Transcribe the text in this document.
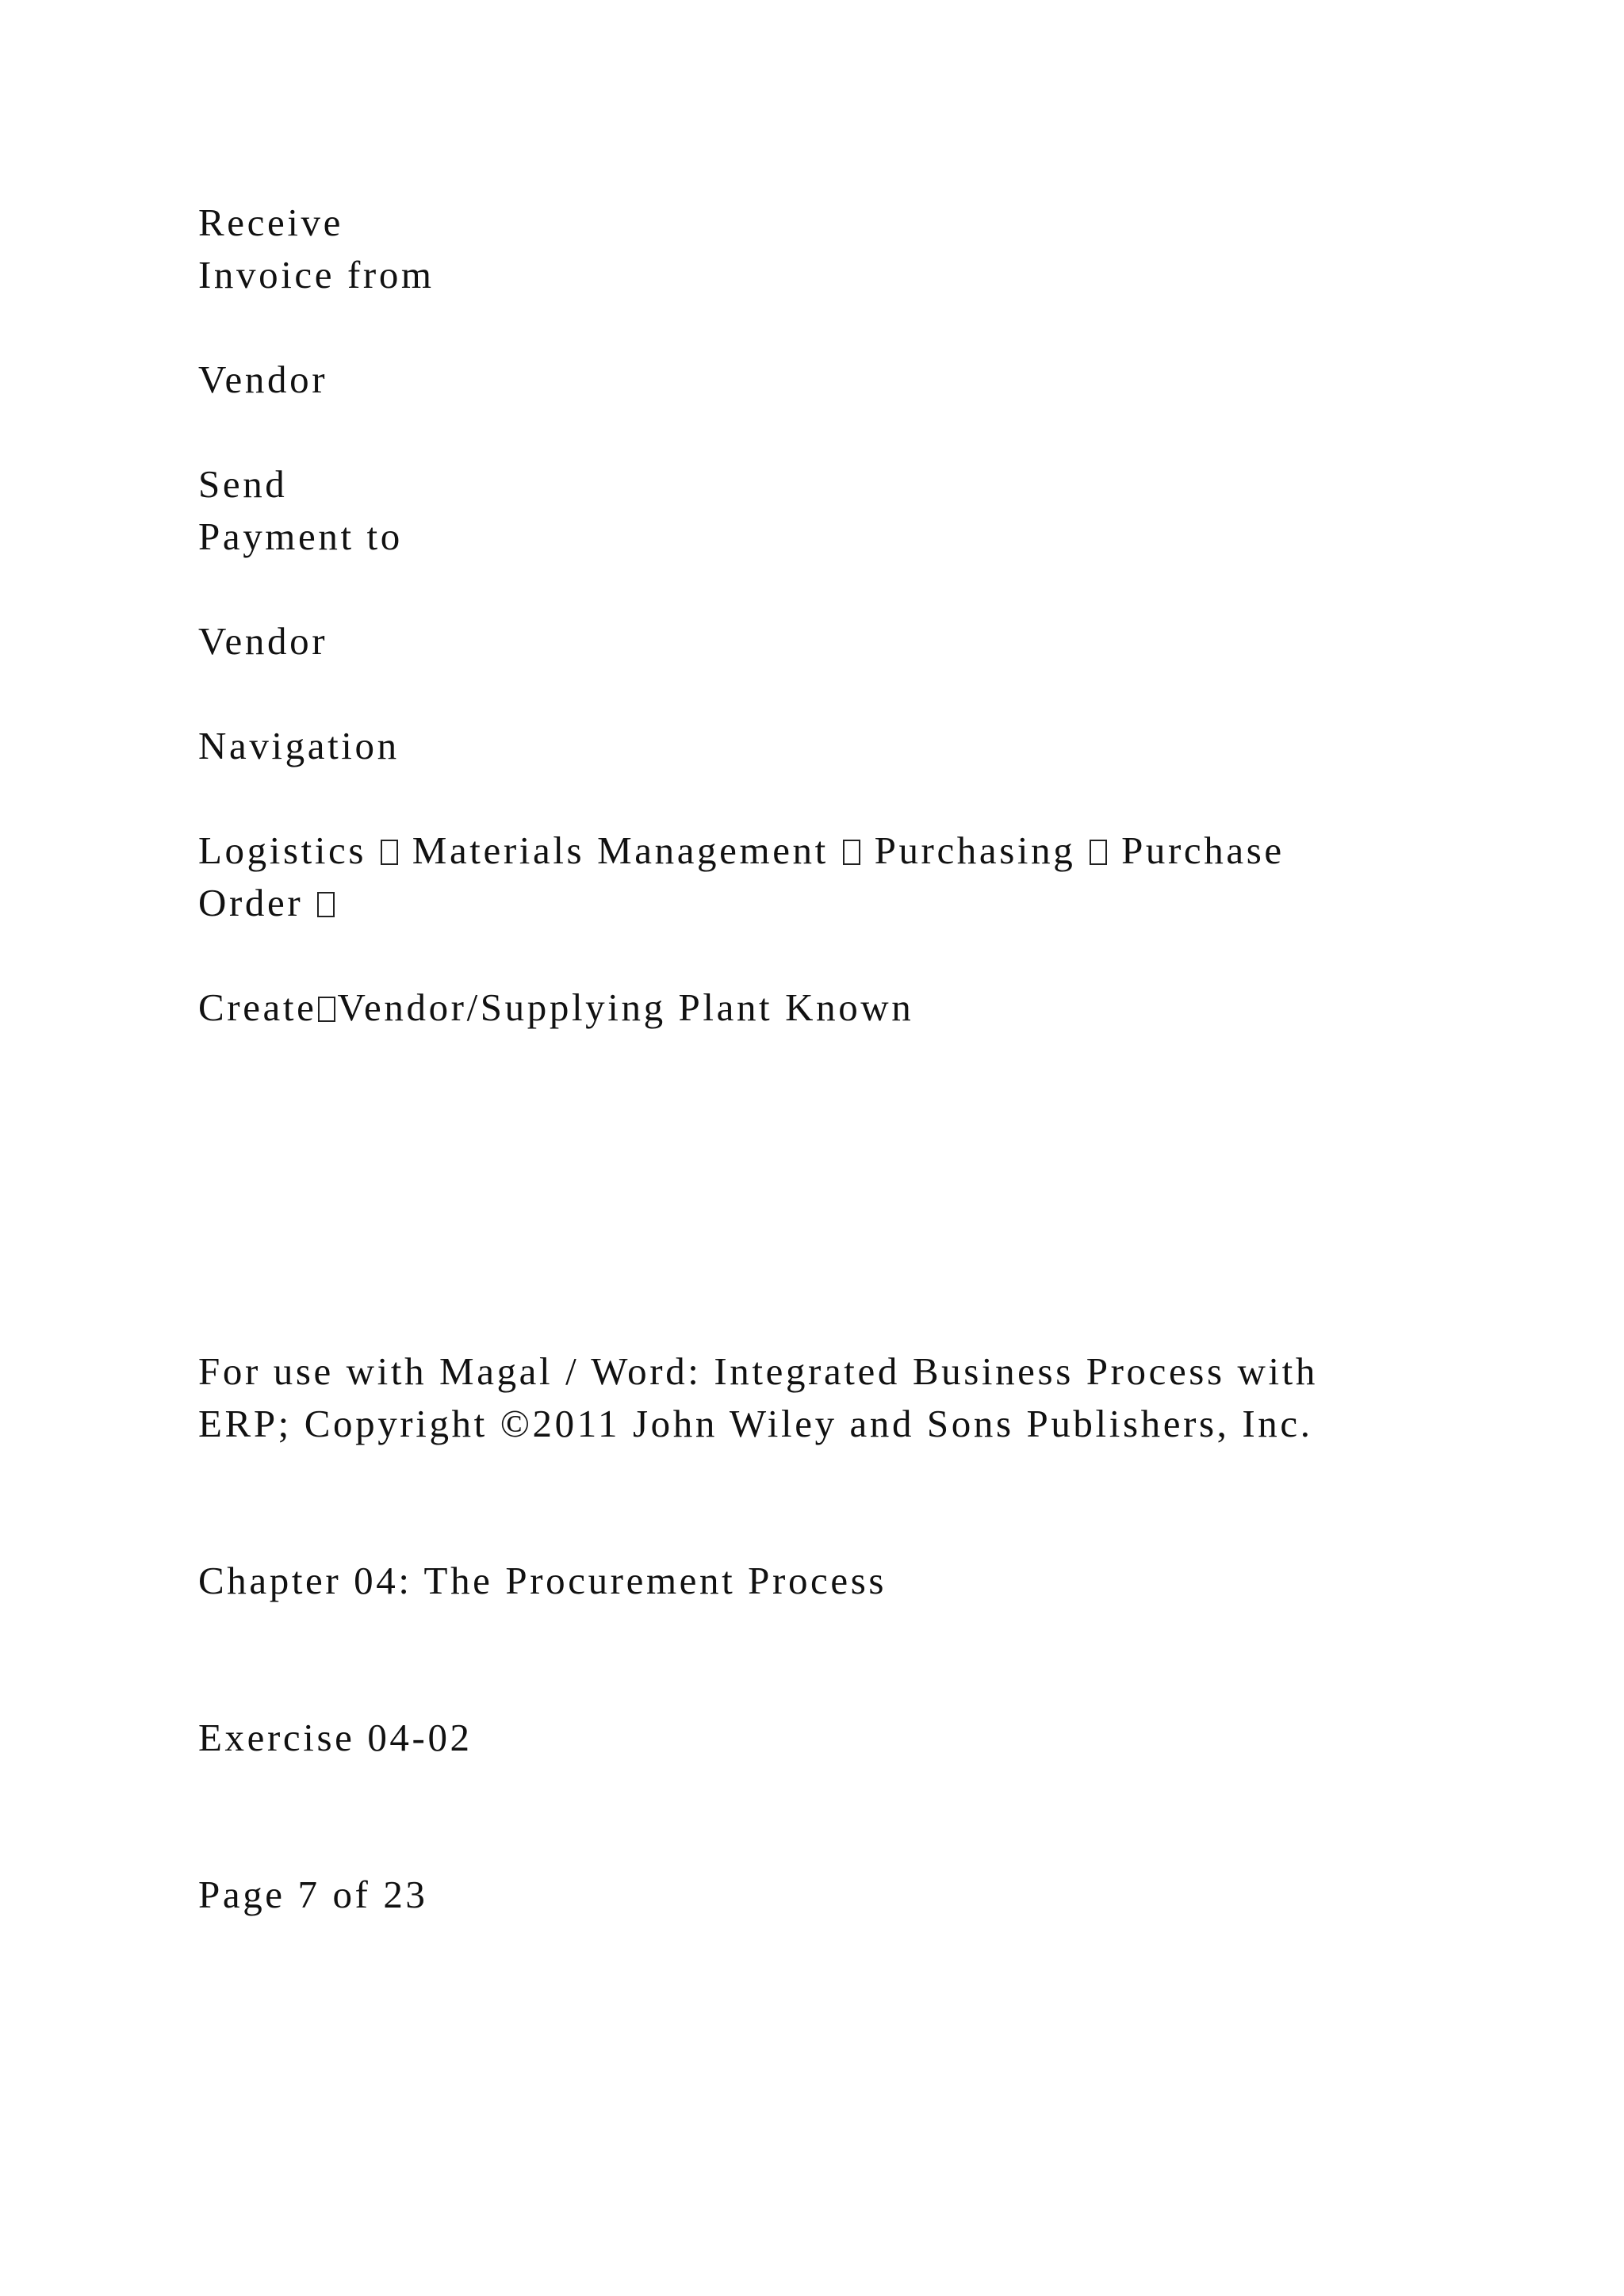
Receive

Invoice from

Vendor

Send

Payment to

Vendor

Navigation

Logistics Materials Management Purchasing Purchase

Order

Create Vendor/Supplying Plant Known

For use with Magal / Word: Integrated Business Process with

ERP; Copyright ©2011 John Wiley and Sons Publishers, Inc.

Chapter 04: The Procurement Process

Exercise 04-02

Page 7 of 23
